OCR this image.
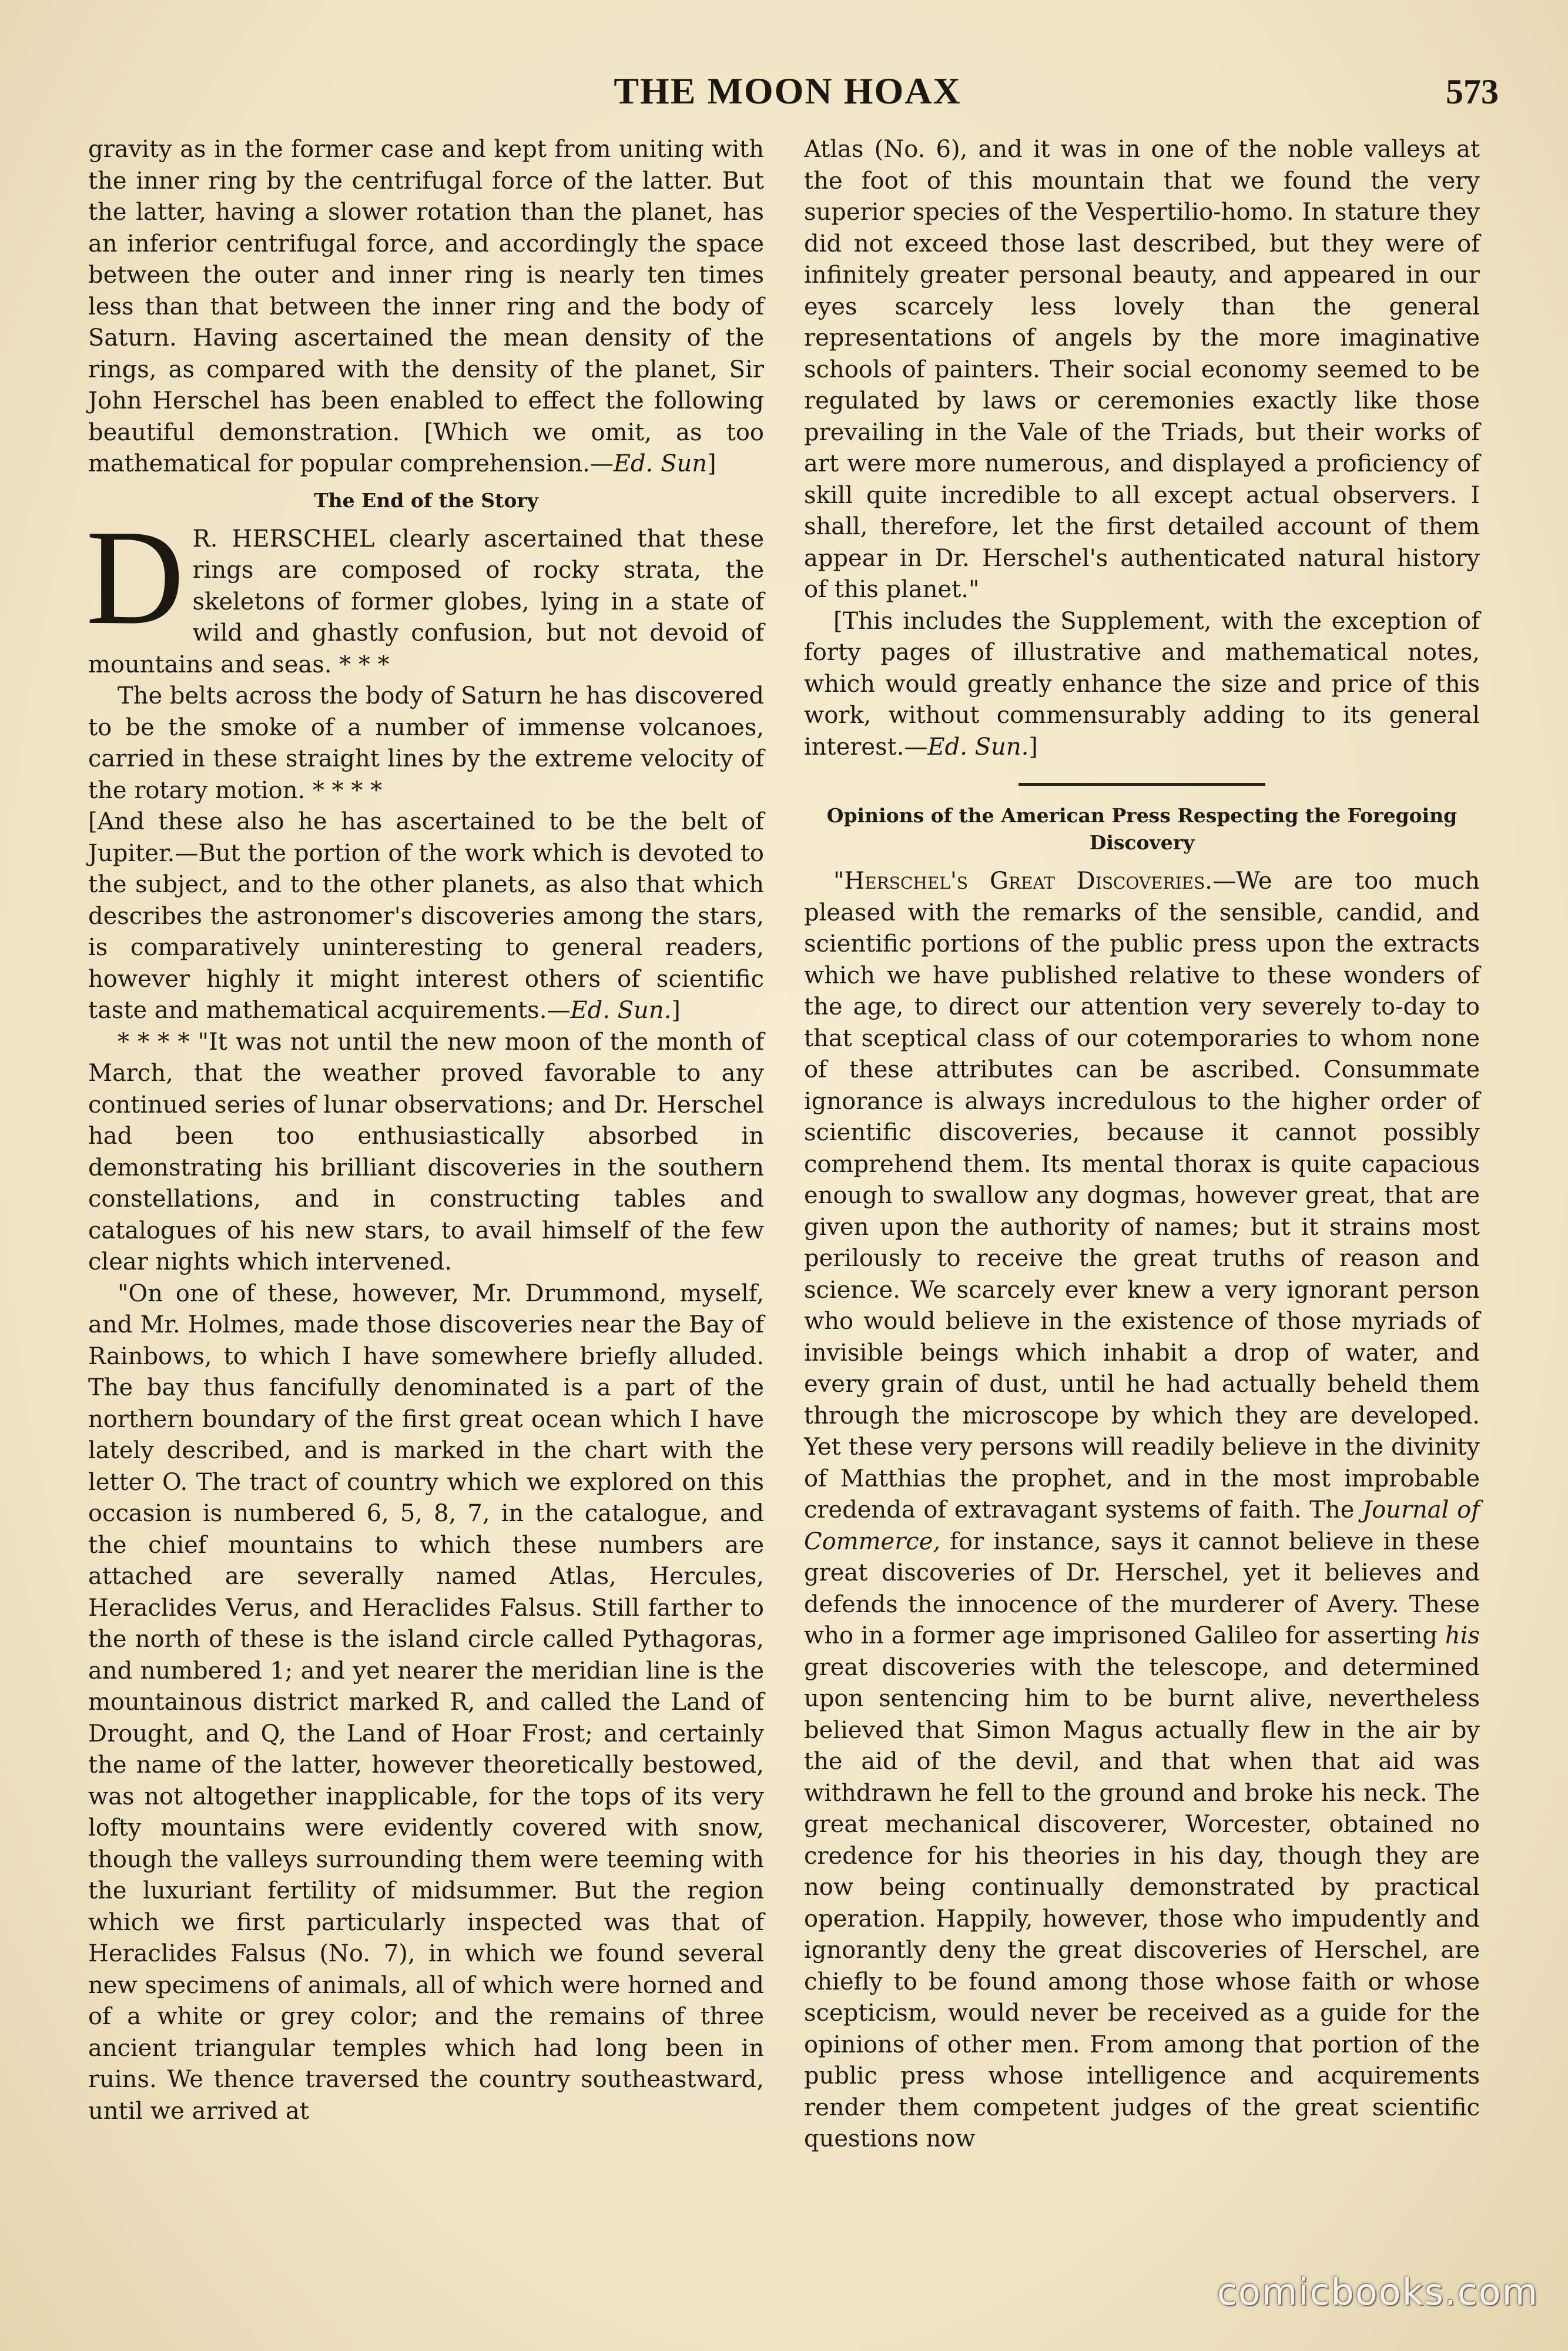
THE MOON HOAX	573

gravity as in the former case and kept from uniting with the inner ring by the centrifugal force of the latter. But the latter, having a slower rotation than the planet, has an inferior centrifugal force, and accordingly the space between the outer and inner ring is nearly ten times less than that between the inner ring and the body of Saturn. Having ascertained the mean density of the rings, as compared with the density of the planet, Sir John Herschel has been enabled to effect the following beautiful demonstration. [Which we omit, as too mathematical for popular comprehension.—Ed. Sun]

The End of the Story

D R. HERSCHEL clearly ascertained that these rings are composed of rocky strata, the skeletons of former globes, lying in a state of wild and ghastly confusion, but not devoid of mountains and seas. * * *

The belts across the body of Saturn he has discovered to be the smoke of a number of immense volcanoes, carried in these straight lines by the extreme velocity of the rotary motion. * * * *

[And these also he has ascertained to be the belt of Jupiter.—But the portion of the work which is devoted to the subject, and to the other planets, as also that which describes the astronomer's discoveries among the stars, is comparatively uninteresting to general readers, however highly it might interest others of scientific taste and mathematical acquirements.—Ed. Sun.]

* * * * "It was not until the new moon of the month of March, that the weather proved favorable to any continued series of lunar observations; and Dr. Herschel had been too enthusiastically absorbed in demonstrating his brilliant discoveries in the southern constellations, and in constructing tables and catalogues of his new stars, to avail himself of the few clear nights which intervened.

"On one of these, however, Mr. Drummond, myself, and Mr. Holmes, made those discoveries near the Bay of Rainbows, to which I have somewhere briefly alluded. The bay thus fancifully denominated is a part of the northern boundary of the first great ocean which I have lately described, and is marked in the chart with the letter O. The tract of country which we explored on this occasion is numbered 6, 5, 8, 7, in the catalogue, and the chief mountains to which these numbers are attached are severally named Atlas, Hercules, Heraclides Verus, and Heraclides Falsus. Still farther to the north of these is the island circle called Pythagoras, and numbered 1; and yet nearer the meridian line is the mountainous district marked R, and called the Land of Drought, and Q, the Land of Hoar Frost; and certainly the name of the latter, however theoretically bestowed, was not altogether inapplicable, for the tops of its very lofty mountains were evidently covered with snow, though the valleys surrounding them were teeming with the luxuriant fertility of midsummer. But the region which we first particularly inspected was that of Heraclides Falsus (No. 7), in which we found several new specimens of animals, all of which were horned and of a white or grey color; and the remains of three ancient triangular temples which had long been in ruins. We thence traversed the country southeastward, until we arrived at

Atlas (No. 6), and it was in one of the noble valleys at the foot of this mountain that we found the very superior species of the Vespertilio-homo. In stature they did not exceed those last described, but they were of infinitely greater personal beauty, and appeared in our eyes scarcely less lovely than the general representations of angels by the more imaginative schools of painters. Their social economy seemed to be regulated by laws or ceremonies exactly like those prevailing in the Vale of the Triads, but their works of art were more numerous, and displayed a proficiency of skill quite incredible to all except actual observers. I shall, therefore, let the first detailed account of them appear in Dr. Herschel's authenticated natural history of this planet."

[This includes the Supplement, with the exception of forty pages of illustrative and mathematical notes, which would greatly enhance the size and price of this work, without commensurably adding to its general interest.—Ed. Sun.]

Opinions of the American Press Respecting the Foregoing Discovery

"Herschel's Great Discoveries.—We are too much pleased with the remarks of the sensible, candid, and scientific portions of the public press upon the extracts which we have published relative to these wonders of the age, to direct our attention very severely to-day to that sceptical class of our cotemporaries to whom none of these attributes can be ascribed. Consummate ignorance is always incredulous to the higher order of scientific discoveries, because it cannot possibly comprehend them. Its mental thorax is quite capacious enough to swallow any dogmas, however great, that are given upon the authority of names; but it strains most perilously to receive the great truths of reason and science. We scarcely ever knew a very ignorant person who would believe in the existence of those myriads of invisible beings which inhabit a drop of water, and every grain of dust, until he had actually beheld them through the microscope by which they are developed. Yet these very persons will readily believe in the divinity of Matthias the prophet, and in the most improbable credenda of extravagant systems of faith. The Journal of Commerce, for instance, says it cannot believe in these great discoveries of Dr. Herschel, yet it believes and defends the innocence of the murderer of Avery. These who in a former age imprisoned Galileo for asserting his great discoveries with the telescope, and determined upon sentencing him to be burnt alive, nevertheless believed that Simon Magus actually flew in the air by the aid of the devil, and that when that aid was withdrawn he fell to the ground and broke his neck. The great mechanical discoverer, Worcester, obtained no credence for his theories in his day, though they are now being continually demonstrated by practical operation. Happily, however, those who impudently and ignorantly deny the great discoveries of Herschel, are chiefly to be found among those whose faith or whose scepticism, would never be received as a guide for the opinions of other men. From among that portion of the public press whose intelligence and acquirements render them competent judges of the great scientific questions now

comicbooks.com
